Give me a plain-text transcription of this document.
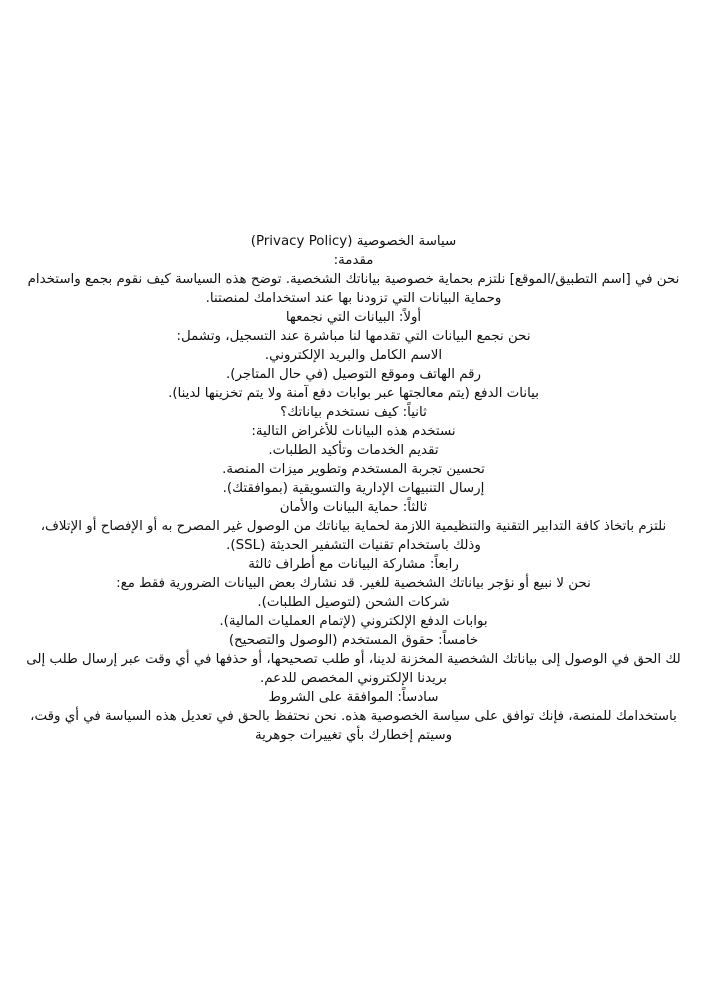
سياسة الخصوصية (Privacy Policy)
مقدمة:
نحن في [اسم التطبيق/الموقع] نلتزم بحماية خصوصية بياناتك الشخصية. توضح هذه السياسة كيف نقوم بجمع واستخدام
وحماية البيانات التي تزودنا بها عند استخدامك لمنصتنا.
أولاً: البيانات التي نجمعها
نحن نجمع البيانات التي تقدمها لنا مباشرة عند التسجيل، وتشمل:
الاسم الكامل والبريد الإلكتروني.
رقم الهاتف وموقع التوصيل (في حال المتاجر).
بيانات الدفع (يتم معالجتها عبر بوابات دفع آمنة ولا يتم تخزينها لدينا).
ثانياً: كيف نستخدم بياناتك؟
نستخدم هذه البيانات للأغراض التالية:
تقديم الخدمات وتأكيد الطلبات.
تحسين تجربة المستخدم وتطوير ميزات المنصة.
إرسال التنبيهات الإدارية والتسويقية (بموافقتك).
ثالثاً: حماية البيانات والأمان
نلتزم باتخاذ كافة التدابير التقنية والتنظيمية اللازمة لحماية بياناتك من الوصول غير المصرح به أو الإفصاح أو الإتلاف،
وذلك باستخدام تقنيات التشفير الحديثة (SSL).
رابعاً: مشاركة البيانات مع أطراف ثالثة
نحن لا نبيع أو نؤجر بياناتك الشخصية للغير. قد نشارك بعض البيانات الضرورية فقط مع:
شركات الشحن (لتوصيل الطلبات).
بوابات الدفع الإلكتروني (لإتمام العمليات المالية).
خامساً: حقوق المستخدم (الوصول والتصحيح)
لك الحق في الوصول إلى بياناتك الشخصية المخزنة لدينا، أو طلب تصحيحها، أو حذفها في أي وقت عبر إرسال طلب إلى
بريدنا الإلكتروني المخصص للدعم.
سادساً: الموافقة على الشروط
باستخدامك للمنصة، فإنك توافق على سياسة الخصوصية هذه. نحن نحتفظ بالحق في تعديل هذه السياسة في أي وقت،
وسيتم إخطارك بأي تغييرات جوهرية
